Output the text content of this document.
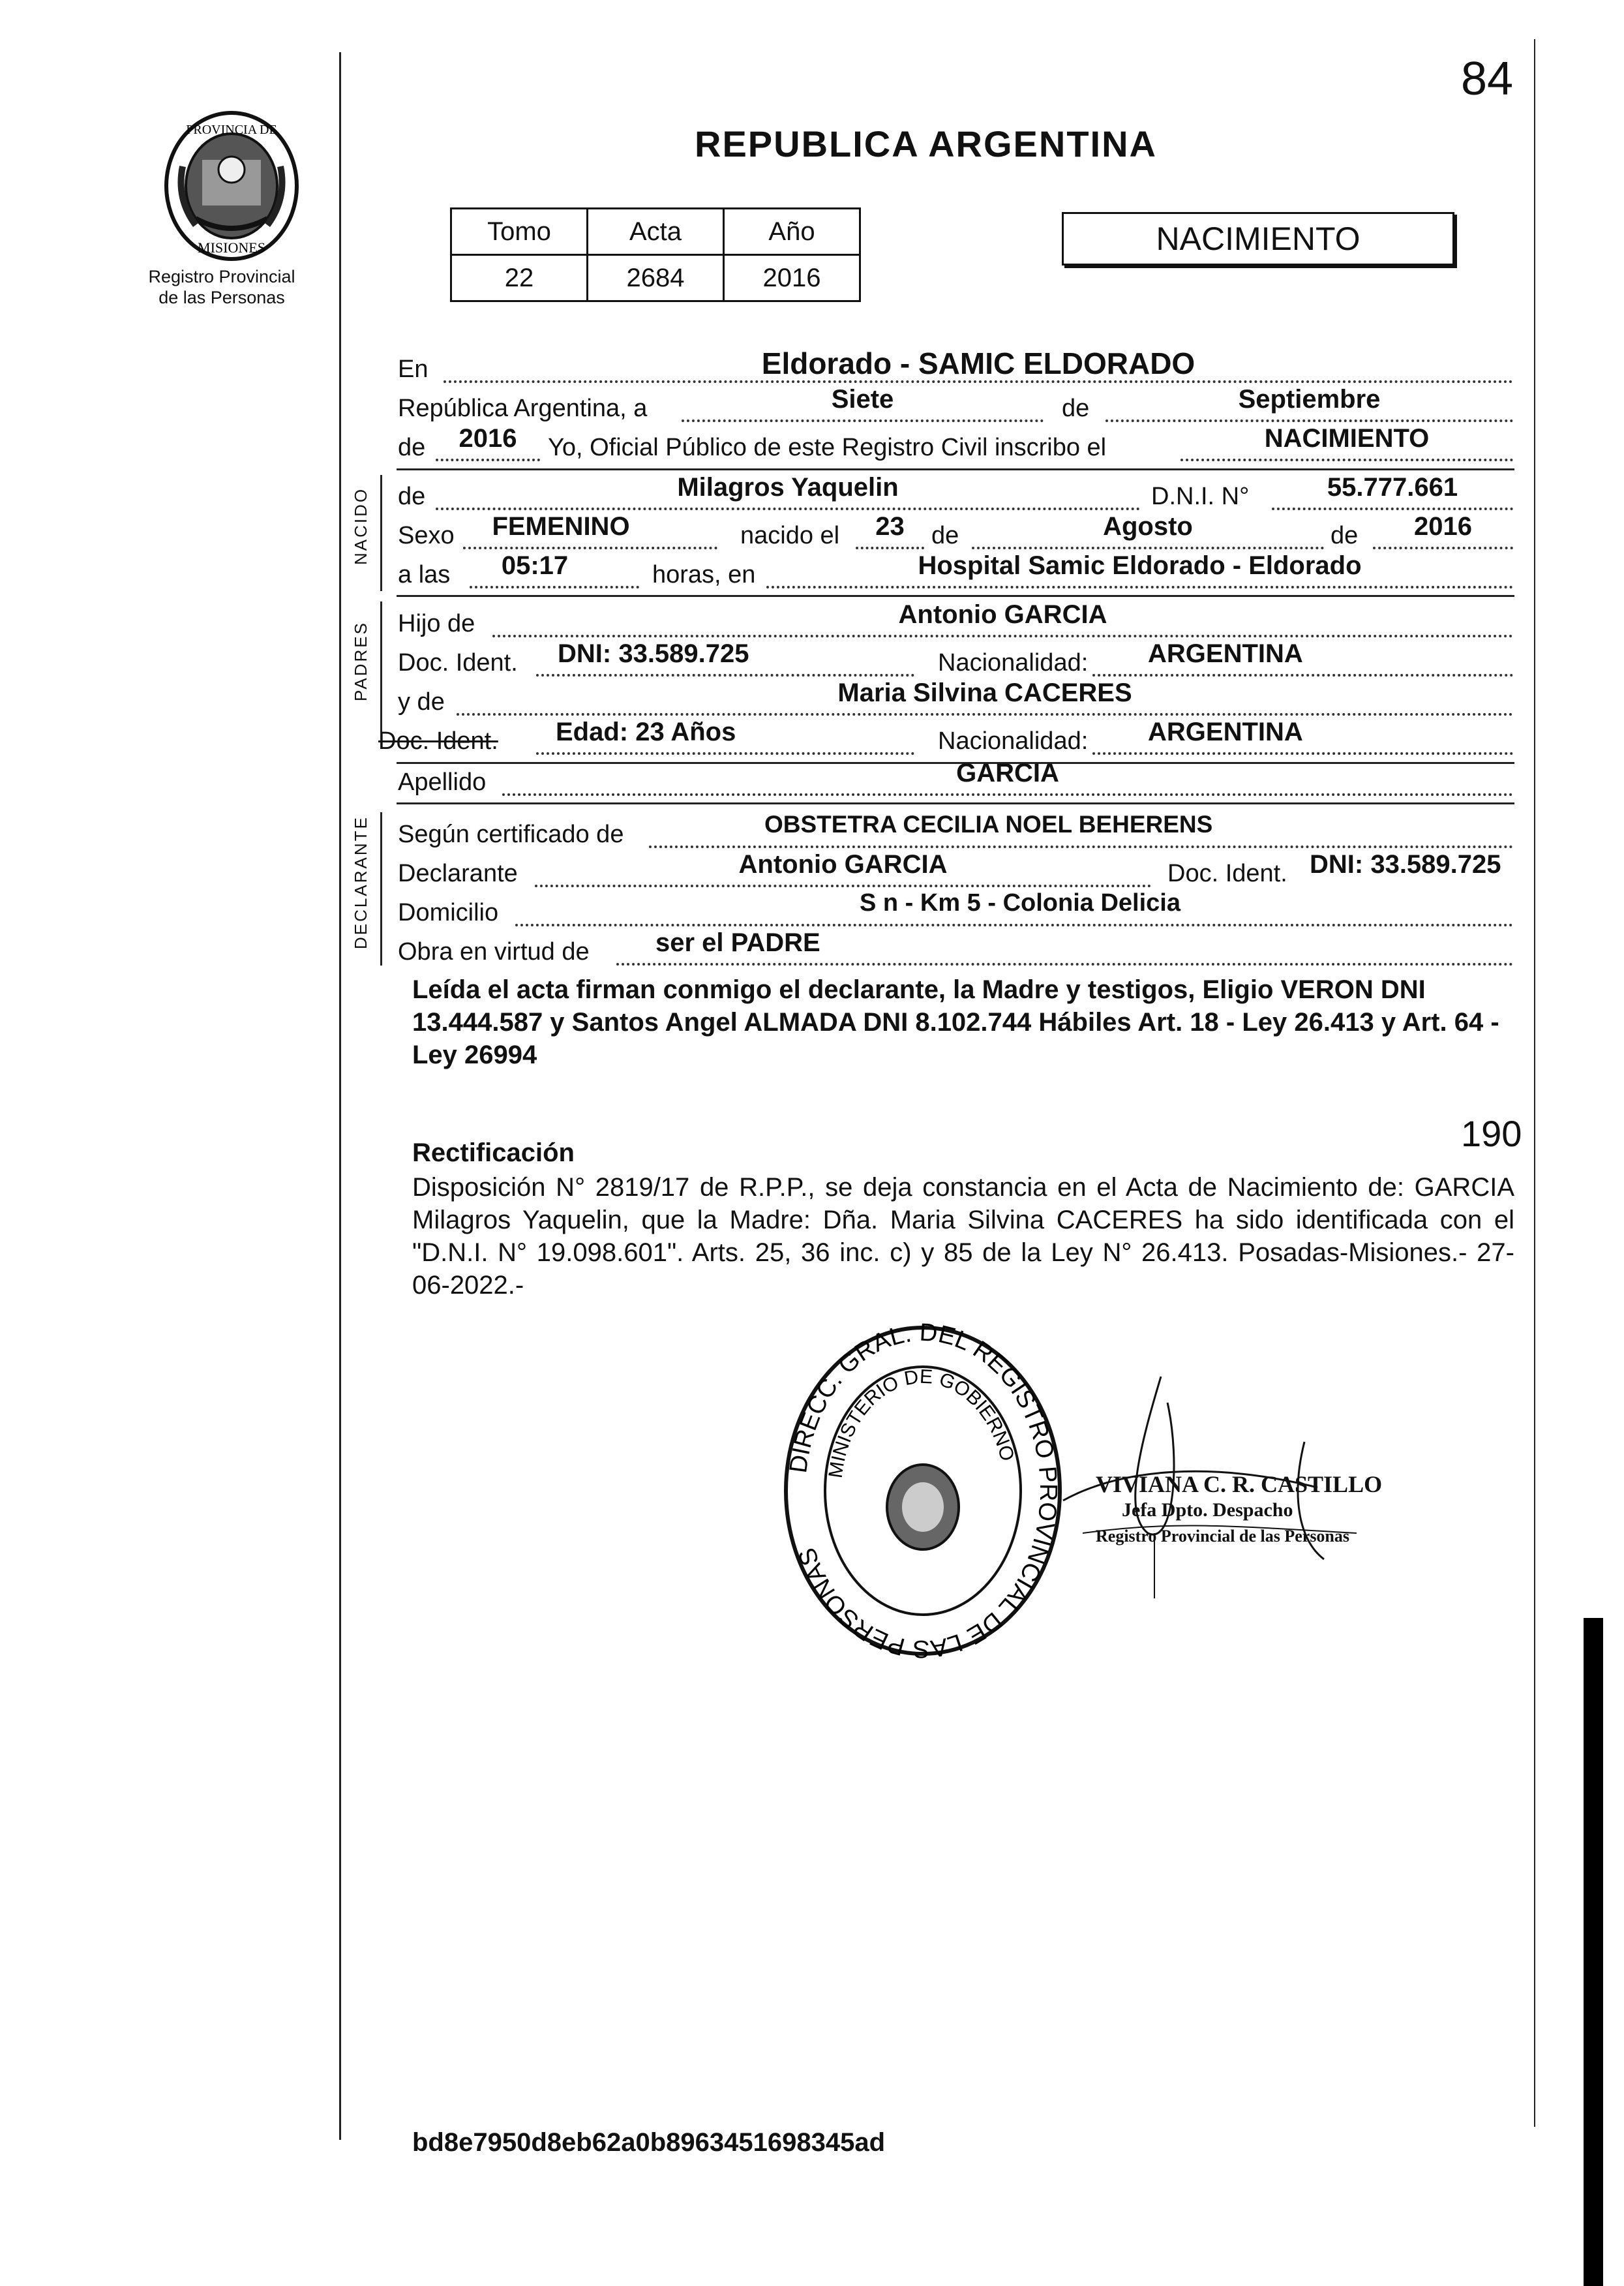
84
REPUBLICA ARGENTINA
PROVINCIA DE
MISIONES
Registro Provincial
de las Personas
Tomo	Acta	Año
22	2684	2016
NACIMIENTO
En	Eldorado - SAMIC ELDORADO
República Argentina, a	Siete	de	Septiembre
de	2016	Yo, Oficial Público de este Registro Civil inscribo el	NACIMIENTO
NACIDO de	Milagros Yaquelin	D.N.I. N°	55.777.661
Sexo	FEMENINO	nacido el	23	de	Agosto	de	2016
a las	05:17	horas, en	Hospital Samic Eldorado - Eldorado
PADRES Hijo de	Antonio GARCIA
Doc. Ident. DNI: 33.589.725	Nacionalidad: ARGENTINA
y de	Maria Silvina CACERES
Doc. Ident. Edad: 23 Años	Nacionalidad: ARGENTINA
Apellido	GARCIA
DECLARANTE Según certificado de	OBSTETRA CECILIA NOEL BEHERENS
Declarante	Antonio GARCIA	Doc. Ident. DNI: 33.589.725
Domicilio	S n - Km 5 - Colonia Delicia
Obra en virtud de	ser el PADRE
Leída el acta firman conmigo el declarante, la Madre y testigos, Eligio VERON DNI 13.444.587 y Santos Angel ALMADA DNI 8.102.744 Hábiles Art. 18 - Ley 26.413 y Art. 64 - Ley 26994
190
Rectificación
Disposición N° 2819/17 de R.P.P., se deja constancia en el Acta de Nacimiento de: GARCIA Milagros Yaquelin, que la Madre: Dña. Maria Silvina CACERES ha sido identificada con el "D.N.I. N° 19.098.601". Arts. 25, 36 inc. c) y 85 de la Ley N° 26.413. Posadas-Misiones.- 27-06-2022.-
DIRECC. GRAL. DEL REGISTRO PROVINCIAL DE LAS PERSONAS
MINISTERIO DE GOBIERNO
VIVIANA C. R. CASTILLO
Jefa Dpto. Despacho
Registro Provincial de las Personas
bd8e7950d8eb62a0b8963451698345ad
